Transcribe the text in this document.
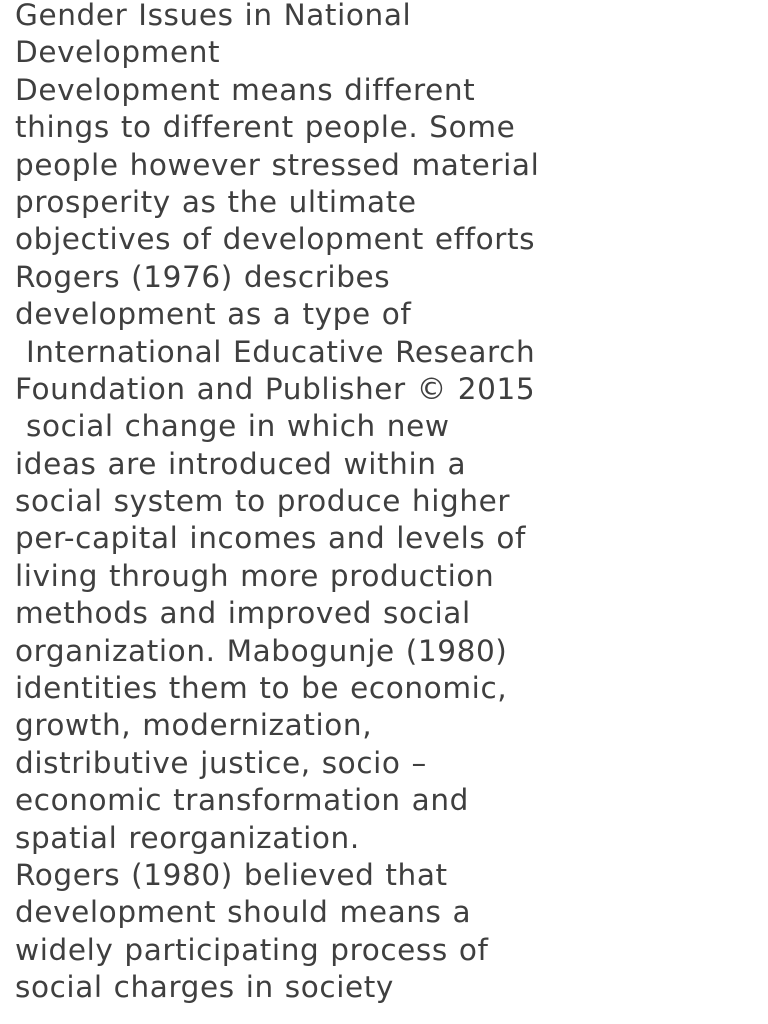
Gender Issues in National
Development
Development means different
things to different people. Some
people however stressed material
prosperity as the ultimate
objectives of development efforts
Rogers (1976) describes
development as a type of
International Educative Research
Foundation and Publisher © 2015
social change in which new
ideas are introduced within a
social system to produce higher
per-capital incomes and levels of
living through more production
methods and improved social
organization. Mabogunje (1980)
identities them to be economic,
growth, modernization,
distributive justice, socio –
economic transformation and
spatial reorganization.
Rogers (1980) believed that
development should means a
widely participating process of
social charges in society
